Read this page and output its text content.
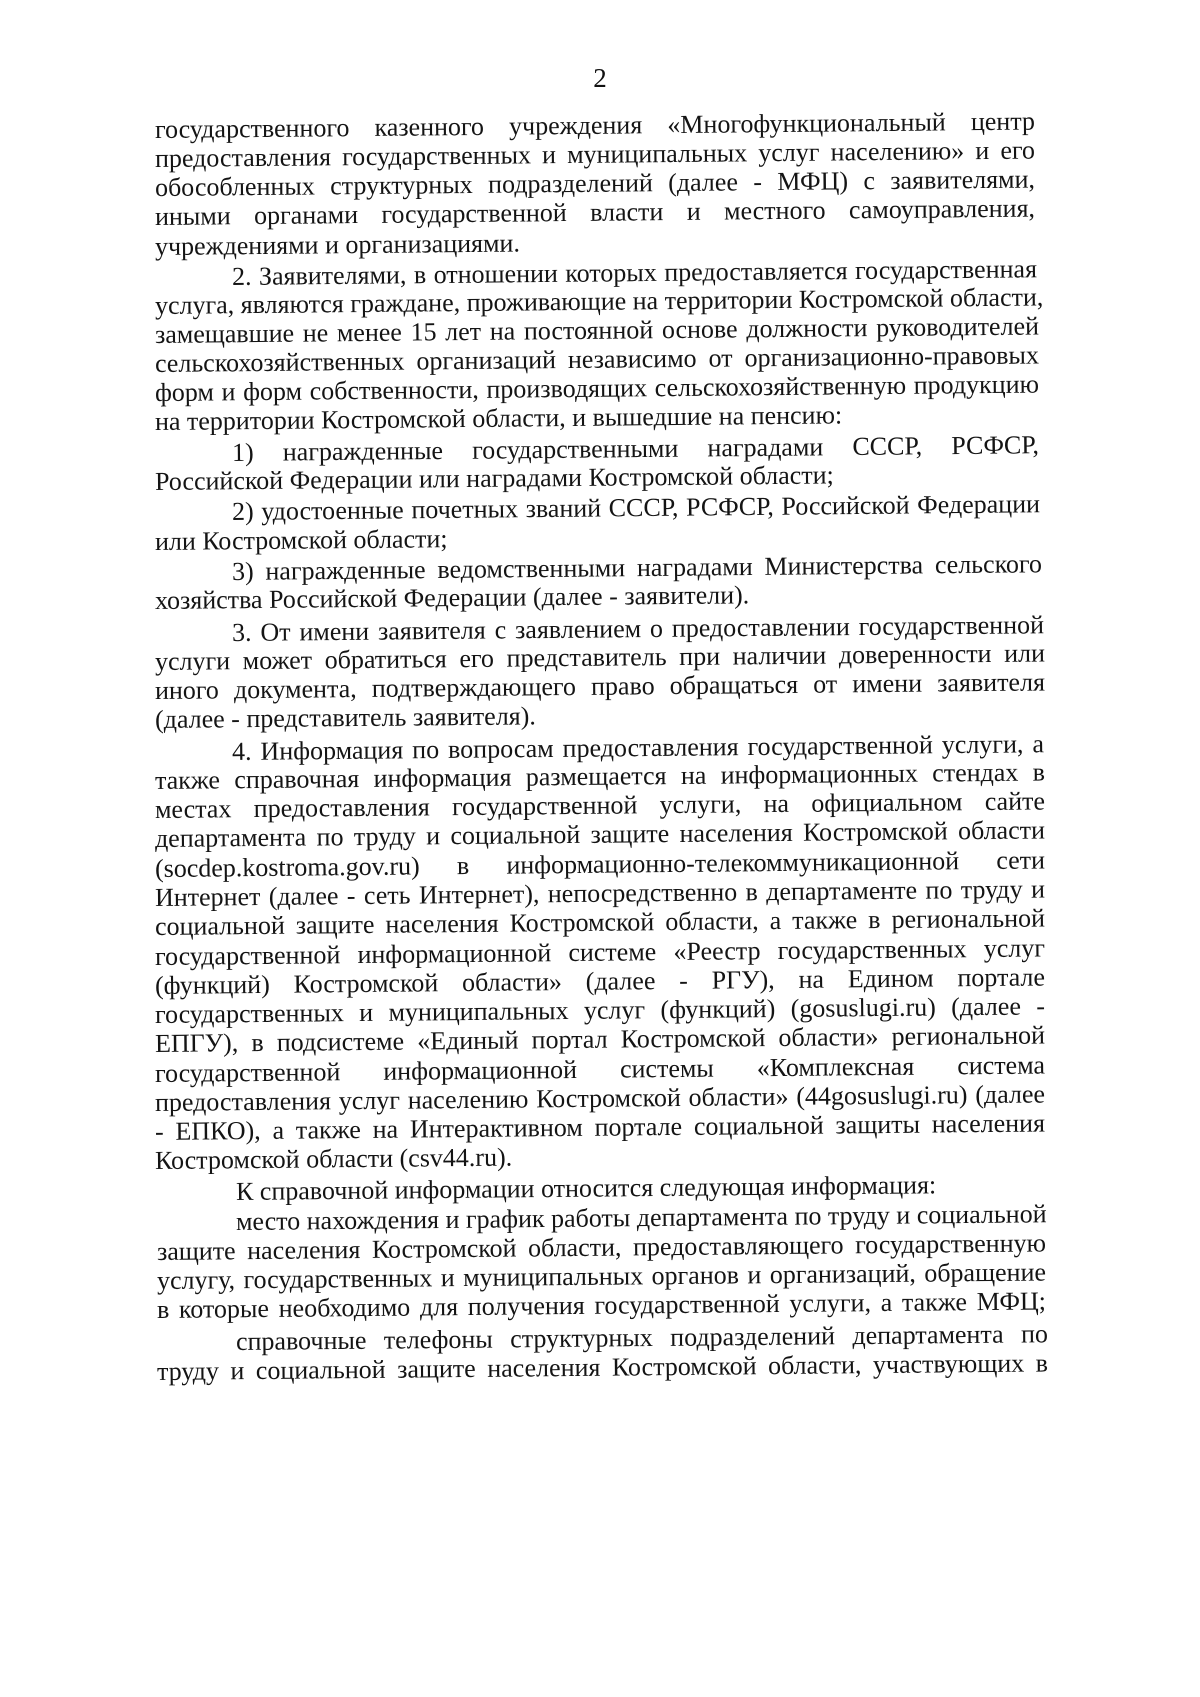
2
государственного казенного учреждения «Многофункциональный центр
предоставления государственных и муниципальных услуг населению» и его
обособленных структурных подразделений (далее - МФЦ) с заявителями,
иными органами государственной власти и местного самоуправления,
учреждениями и организациями.
2. Заявителями, в отношении которых предоставляется государственная
услуга, являются граждане, проживающие на территории Костромской области,
замещавшие не менее 15 лет на постоянной основе должности руководителей
сельскохозяйственных организаций независимо от организационно-правовых
форм и форм собственности, производящих сельскохозяйственную продукцию
на территории Костромской области, и вышедшие на пенсию:
1) награжденные государственными наградами СССР, РСФСР,
Российской Федерации или наградами Костромской области;
2) удостоенные почетных званий СССР, РСФСР, Российской Федерации
или Костромской области;
3) награжденные ведомственными наградами Министерства сельского
хозяйства Российской Федерации (далее - заявители).
3. От имени заявителя с заявлением о предоставлении государственной
услуги может обратиться его представитель при наличии доверенности или
иного документа, подтверждающего право обращаться от имени заявителя
(далее - представитель заявителя).
4. Информация по вопросам предоставления государственной услуги, а
также справочная информация размещается на информационных стендах в
местах предоставления государственной услуги, на официальном сайте
департамента по труду и социальной защите населения Костромской области
(socdep.kostroma.gov.ru) в информационно-телекоммуникационной сети
Интернет (далее - сеть Интернет), непосредственно в департаменте по труду и
социальной защите населения Костромской области, а также в региональной
государственной информационной системе «Реестр государственных услуг
(функций) Костромской области» (далее - РГУ), на Едином портале
государственных и муниципальных услуг (функций) (gosuslugi.ru) (далее -
ЕПГУ), в подсистеме «Единый портал Костромской области» региональной
государственной информационной системы «Комплексная система
предоставления услуг населению Костромской области» (44gosuslugi.ru) (далее
- ЕПКО), а также на Интерактивном портале социальной защиты населения
Костромской области (csv44.ru).
К справочной информации относится следующая информация:
место нахождения и график работы департамента по труду и социальной
защите населения Костромской области, предоставляющего государственную
услугу, государственных и муниципальных органов и организаций, обращение
в которые необходимо для получения государственной услуги, а также МФЦ;
справочные телефоны структурных подразделений департамента по
труду и социальной защите населения Костромской области, участвующих в
